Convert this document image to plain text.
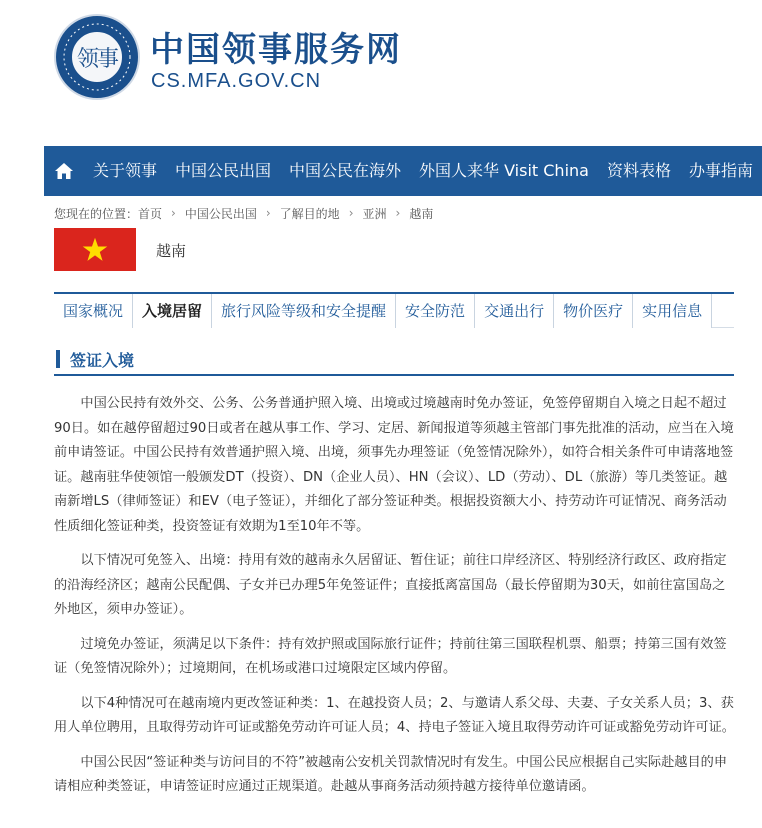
领事 中国领事服务网
CS.MFA.GOV.CN
关于领事	中国公民出国	中国公民在海外	外国人来华 Visit China	资料表格	办事指南
您现在的位置： 首页 › 中国公民出国 › 了解目的地 › 亚洲 › 越南
越南
国家概况	入境居留	旅行风险等级和安全提醒	安全防范	交通出行	物价医疗	实用信息
签证入境

中国公民持有效外交、公务、公务普通护照入境、出境或过境越南时免办签证，免签停留期自入境之日起不超过90日。如在越停留超过90日或者在越从事工作、学习、定居、新闻报道等须越主管部门事先批准的活动，应当在入境前申请签证。中国公民持有效普通护照入境、出境，须事先办理签证（免签情况除外），如符合相关条件可申请落地签证。越南驻华使领馆一般颁发DT（投资）、DN（企业人员）、HN（会议）、LD（劳动）、DL（旅游）等几类签证。越南新增LS（律师签证）和EV（电子签证），并细化了部分签证种类。根据投资额大小、持劳动许可证情况、商务活动性质细化签证种类，投资签证有效期为1至10年不等。

以下情况可免签入、出境：持用有效的越南永久居留证、暂住证；前往口岸经济区、特别经济行政区、政府指定的沿海经济区；越南公民配偶、子女并已办理5年免签证件；直接抵离富国岛（最长停留期为30天，如前往富国岛之外地区，须申办签证）。

过境免办签证，须满足以下条件：持有效护照或国际旅行证件；持前往第三国联程机票、船票；持第三国有效签证（免签情况除外）；过境期间，在机场或港口过境限定区域内停留。

以下4种情况可在越南境内更改签证种类：1、在越投资人员；2、与邀请人系父母、夫妻、子女关系人员；3、获用人单位聘用，且取得劳动许可证或豁免劳动许可证人员；4、持电子签证入境且取得劳动许可证或豁免劳动许可证。

中国公民因“签证种类与访问目的不符”被越南公安机关罚款情况时有发生。中国公民应根据自己实际赴越目的申请相应种类签证，申请签证时应通过正规渠道。赴越从事商务活动须持越方接待单位邀请函。
